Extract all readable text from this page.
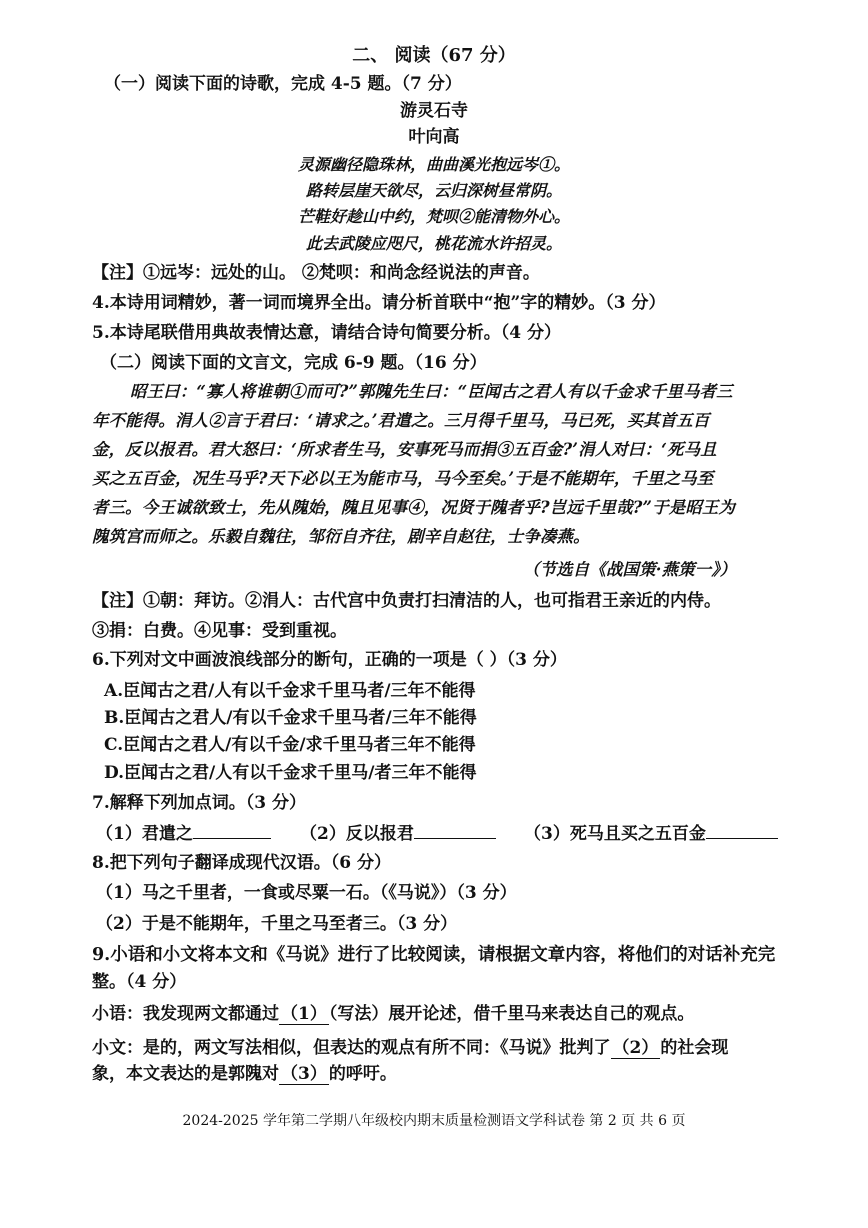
二、 阅读（67 分）
（一）阅读下面的诗歌，完成 4-5 题。（7 分）
游灵石寺
叶向高
灵源幽径隐珠林，曲曲溪光抱远岑①。
路转层崖天欲尽，云归深树昼常阴。
芒鞋好趁山中约，梵呗②能清物外心。
此去武陵应咫尺，桃花流水许招灵。
【注】①远岑：远处的山。 ②梵呗：和尚念经说法的声音。
4.本诗用词精妙，著一词而境界全出。请分析首联中“抱”字的精妙。（3 分）
5.本诗尾联借用典故表情达意，请结合诗句简要分析。（4 分）
（二）阅读下面的文言文，完成 6-9 题。（16 分）
昭王曰：“寡人将谁朝①而可?”郭隗先生曰：“臣闻古之君人有以千金求千里马者三
年不能得。涓人②言于君曰：‘请求之。’君遣之。三月得千里马，马已死，买其首五百
金，反以报君。君大怒曰：‘所求者生马，安事死马而捐③五百金?’涓人对曰：‘死马且
买之五百金，况生马乎?天下必以王为能市马，马今至矣。’于是不能期年，千里之马至
者三。今王诚欲致士，先从隗始，隗且见事④，况贤于隗者乎?岂远千里哉?”于是昭王为
隗筑宫而师之。乐毅自魏往，邹衍自齐往，剧辛自赵往，士争凑燕。
（节选自《战国策·燕策一》）
【注】①朝：拜访。②涓人：古代宫中负责打扫清洁的人，也可指君王亲近的内侍。
③捐：白费。④见事：受到重视。
6.下列对文中画波浪线部分的断句，正确的一项是（ ）（3 分）
A.臣闻古之君/人有以千金求千里马者/三年不能得
B.臣闻古之君人/有以千金求千里马者/三年不能得
C.臣闻古之君人/有以千金/求千里马者三年不能得
D.臣闻古之君/人有以千金求千里马/者三年不能得
7.解释下列加点词。（3 分）
（1）君遣之	（2）反以报君	（3）死马且买之五百金
8.把下列句子翻译成现代汉语。（6 分）
（1）马之千里者，一食或尽粟一石。（《马说》）（3 分）
（2）于是不能期年，千里之马至者三。（3 分）
9.小语和小文将本文和《马说》进行了比较阅读，请根据文章内容，将他们的对话补充完
整。（4 分）
小语：我发现两文都通过 （1） （写法）展开论述，借千里马来表达自己的观点。
小文：是的，两文写法相似，但表达的观点有所不同：《马说》批判了 （2） 的社会现
象，本文表达的是郭隗对 （3） 的呼吁。
2024-2025 学年第二学期八年级校内期末质量检测语文学科试卷 第 2 页 共 6 页
